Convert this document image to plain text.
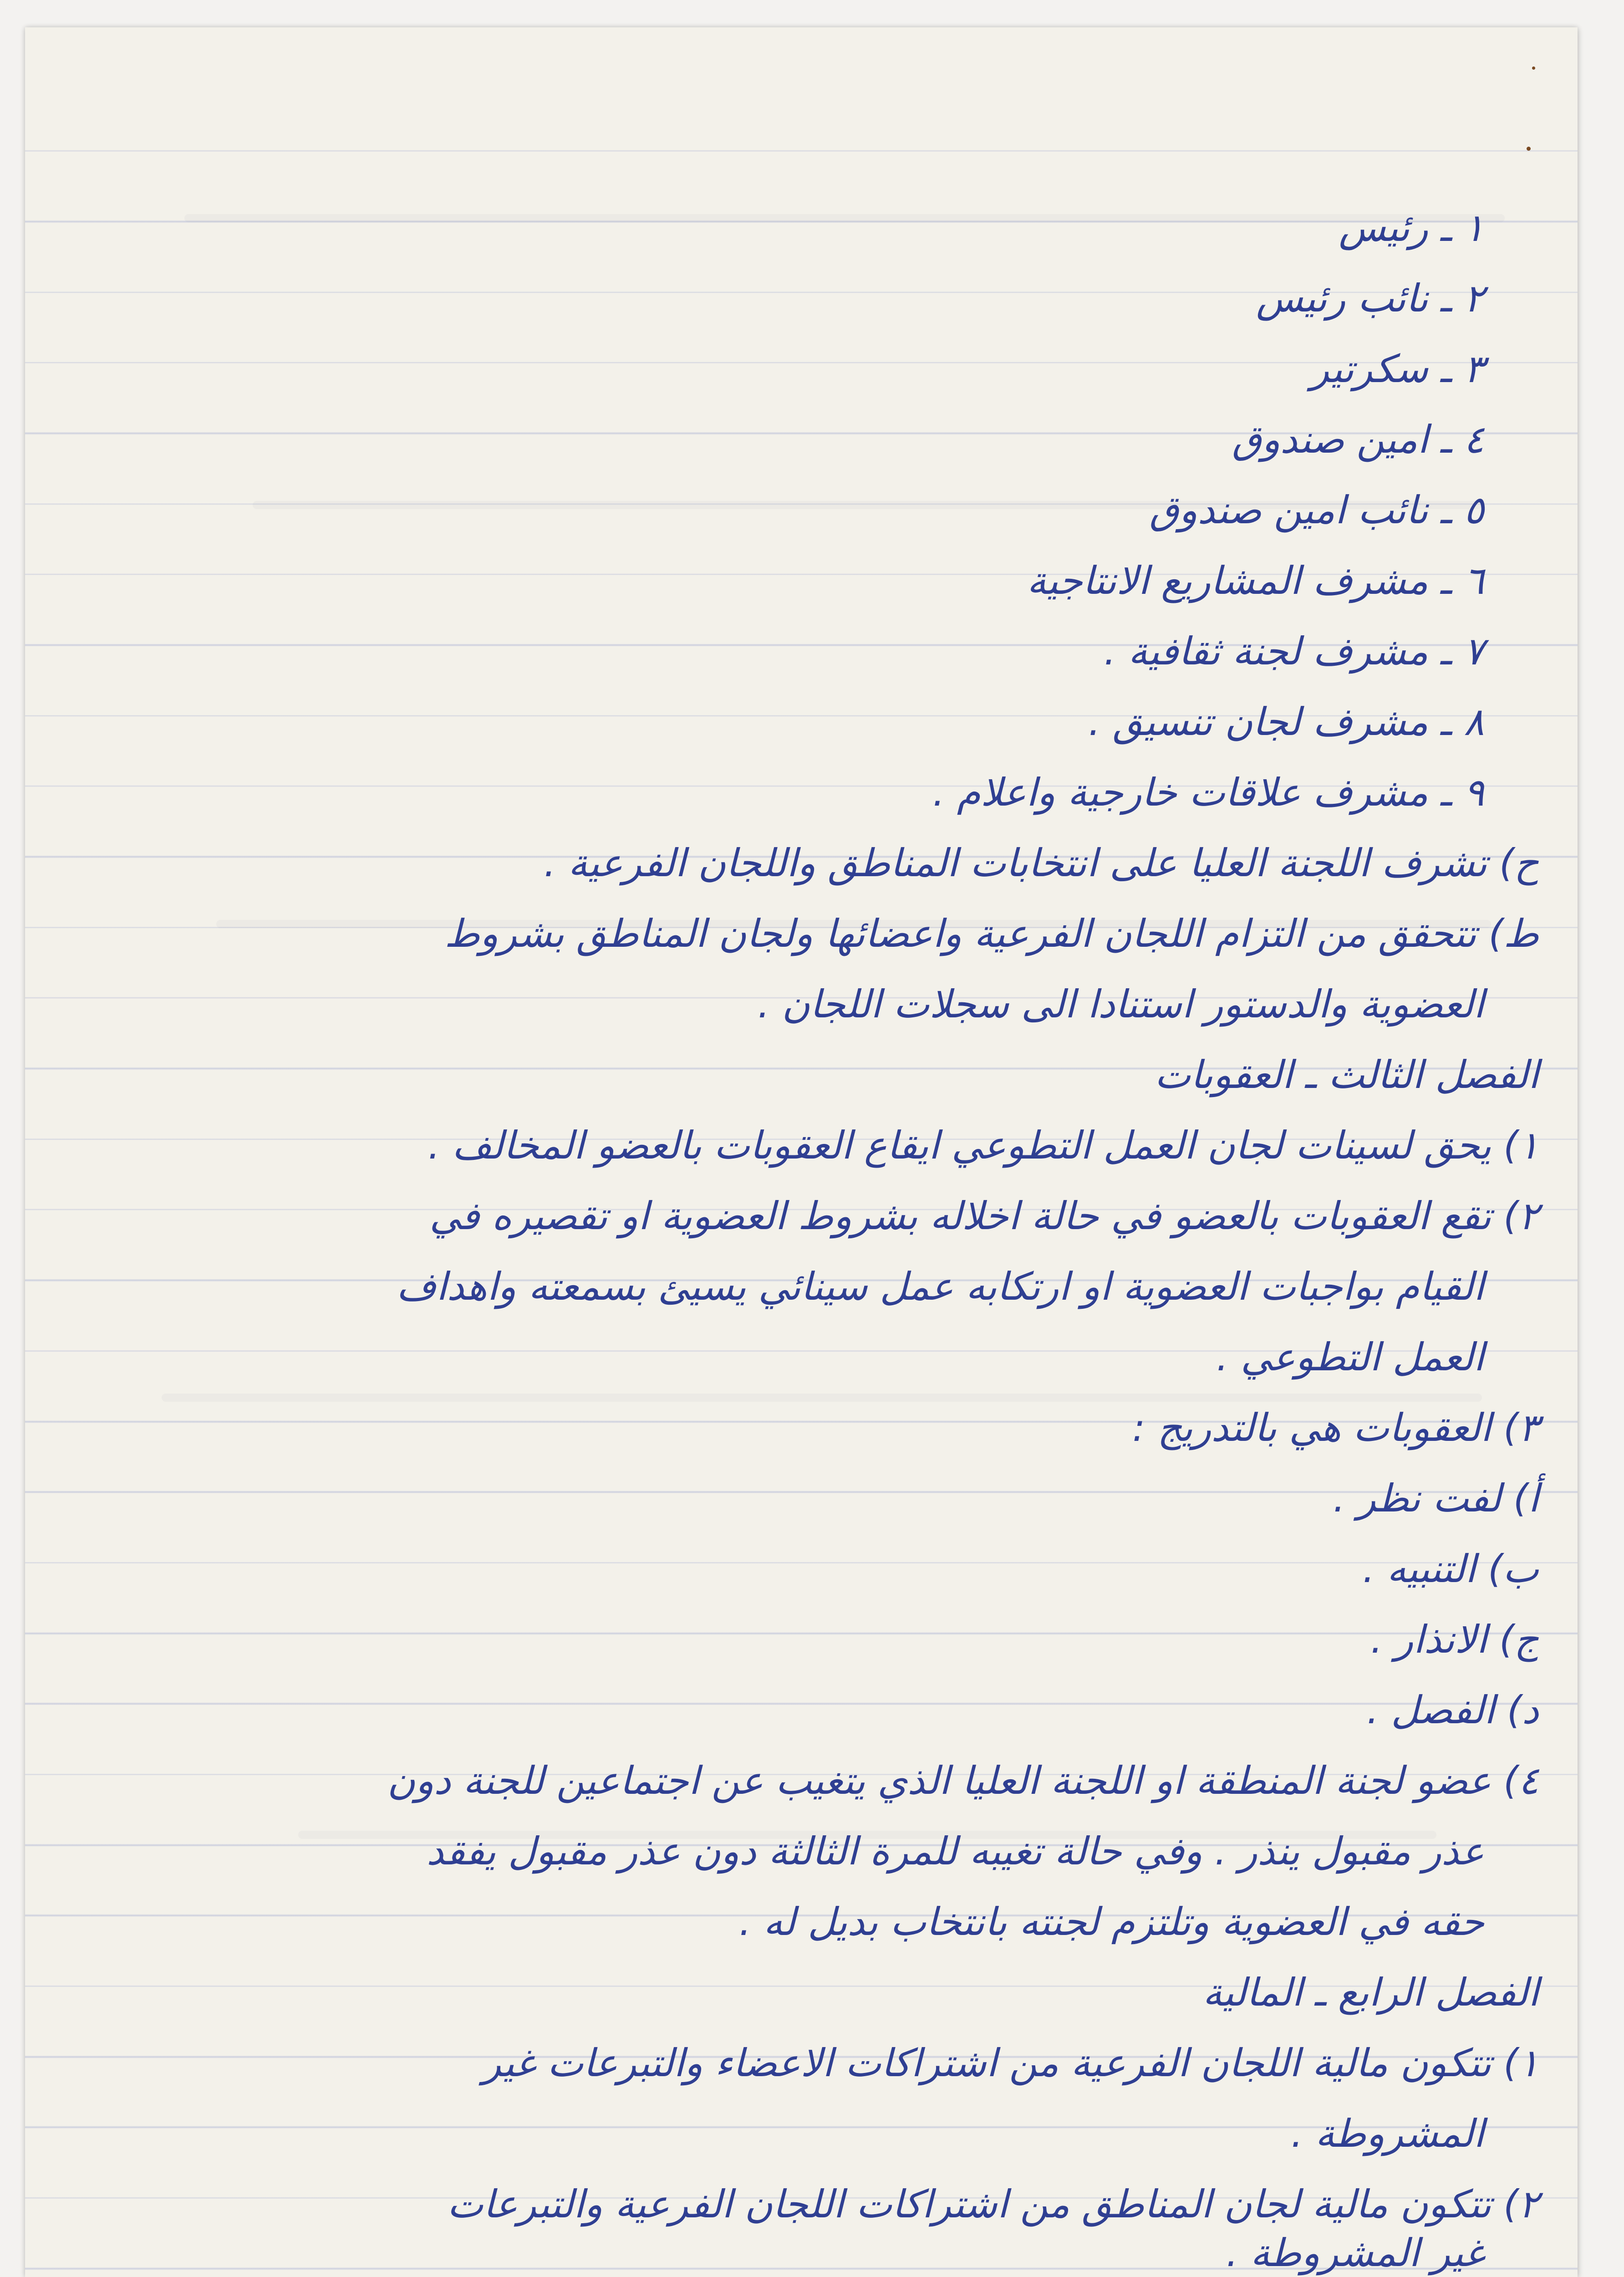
١ ـ رئيس
٢ ـ نائب رئيس
٣ ـ سكرتير
٤ ـ امين صندوق
٥ ـ نائب امين صندوق
٦ ـ مشرف المشاريع الانتاجية
٧ ـ مشرف لجنة ثقافية .
٨ ـ مشرف لجان تنسيق .
٩ ـ مشرف علاقات خارجية واعلام .
ح) تشرف اللجنة العليا على انتخابات المناطق واللجان الفرعية .
ط) تتحقق من التزام اللجان الفرعية واعضائها ولجان المناطق بشروط
العضوية والدستور استنادا الى سجلات اللجان .
الفصل الثالث ـ العقوبات
١) يحق لسينات لجان العمل التطوعي ايقاع العقوبات بالعضو المخالف .
٢) تقع العقوبات بالعضو في حالة اخلاله بشروط العضوية او تقصيره في
القيام بواجبات العضوية او ارتكابه عمل سينائي يسيئ بسمعته واهداف
العمل التطوعي .
٣) العقوبات هي بالتدريج :
أ) لفت نظر .
ب) التنبيه .
ج) الانذار .
د) الفصل .
٤) عضو لجنة المنطقة او اللجنة العليا الذي يتغيب عن اجتماعين للجنة دون
عذر مقبول ينذر . وفي حالة تغيبه للمرة الثالثة دون عذر مقبول يفقد
حقه في العضوية وتلتزم لجنته بانتخاب بديل له .
الفصل الرابع ـ المالية
١) تتكون مالية اللجان الفرعية من اشتراكات الاعضاء والتبرعات غير
المشروطة .
٢) تتكون مالية لجان المناطق من اشتراكات اللجان الفرعية والتبرعات
غير المشروطة .
